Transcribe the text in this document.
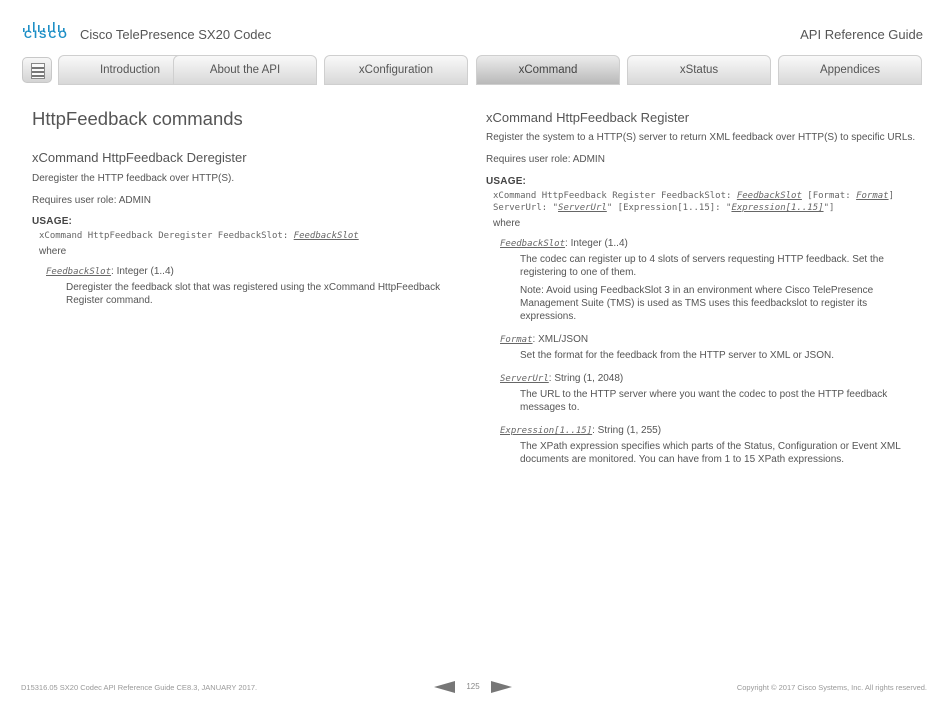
CISCO Cisco TelePresence SX20 Codec	API Reference Guide
Introduction	About the API	xConfiguration	xCommand	xStatus	Appendices
HttpFeedback commands
xCommand HttpFeedback Deregister

Deregister the HTTP feedback over HTTP(S).

Requires user role: ADMIN

USAGE:
xCommand HttpFeedback Deregister FeedbackSlot: FeedbackSlot

where

FeedbackSlot: Integer (1..4)

Deregister the feedback slot that was registered using the xCommand HttpFeedback Register command.

xCommand HttpFeedback Register

Register the system to a HTTP(S) server to return XML feedback over HTTP(S) to specific URLs.

Requires user role: ADMIN

USAGE:
xCommand HttpFeedback Register FeedbackSlot: FeedbackSlot [Format: Format]
ServerUrl: "ServerUrl" [Expression[1..15]: "Expression[1..15]"]

where

FeedbackSlot: Integer (1..4)

The codec can register up to 4 slots of servers requesting HTTP feedback. Set the registering to one of them.

Note: Avoid using FeedbackSlot 3 in an environment where Cisco TelePresence Management Suite (TMS) is used as TMS uses this feedbackslot to register its expressions.

Format: XML/JSON

Set the format for the feedback from the HTTP server to XML or JSON.

ServerUrl: String (1, 2048)

The URL to the HTTP server where you want the codec to post the HTTP feedback messages to.

Expression[1..15]: String (1, 255)

The XPath expression specifies which parts of the Status, Configuration or Event XML documents are monitored. You can have from 1 to 15 XPath expressions.

D15316.05 SX20 Codec API Reference Guide CE8.3, JANUARY 2017.	125	Copyright © 2017 Cisco Systems, Inc. All rights reserved.
